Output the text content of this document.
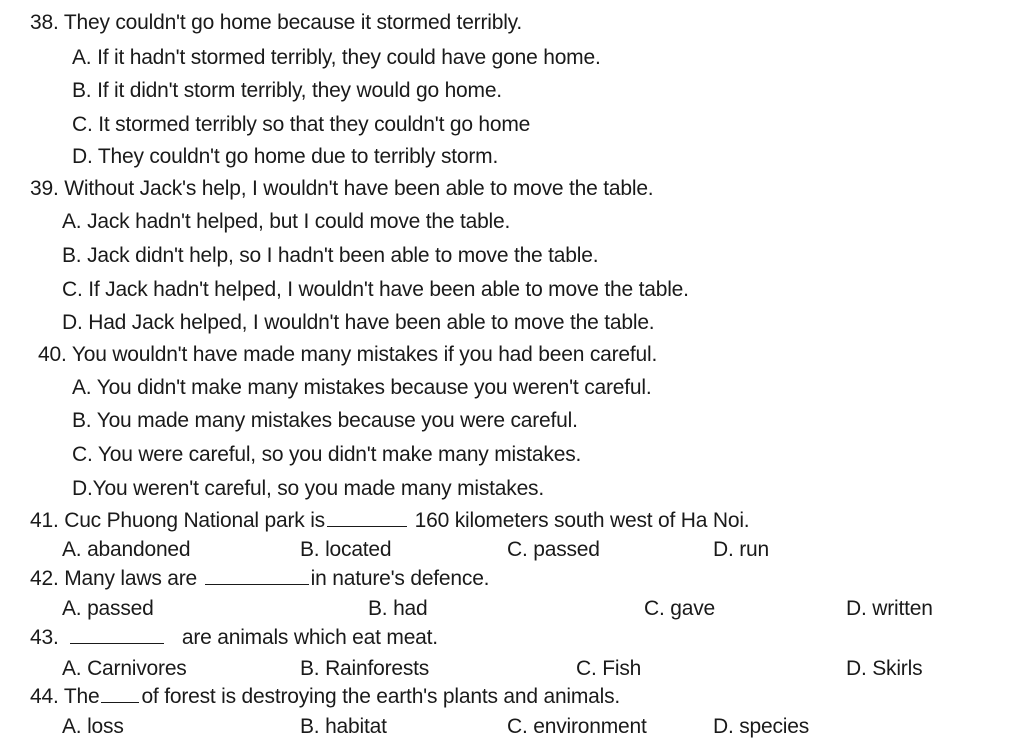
38. They couldn't go home because it stormed terribly.
A. If it hadn't stormed terribly, they could have gone home.
B. If it didn't storm terribly, they would go home.
C. It stormed terribly so that they couldn't go home
D. They couldn't go home due to terribly storm.
39. Without Jack's help, I wouldn't have been able to move the table.
A. Jack hadn't helped, but I could move the table.
B. Jack didn't help, so I hadn't been able to move the table.
C. If Jack hadn't helped, I wouldn't have been able to move the table.
D. Had Jack helped, I wouldn't have been able to move the table.
40. You wouldn't have made many mistakes if you had been careful.
A. You didn't make many mistakes because you weren't careful.
B. You made many mistakes because you were careful.
C. You were careful, so you didn't make many mistakes.
D.You weren't careful, so you made many mistakes.
41. Cuc Phuong National park is	160 kilometers south west of Ha Noi.
A. abandoned	B. located	C. passed	D. run
42. Many laws are	in nature's defence.
A. passed	B. had	C. gave	D. written
43.	are animals which eat meat.
A. Carnivores	B. Rainforests	C. Fish	D. Skirls
44. The of forest is destroying the earth's plants and animals.
A. loss	B. habitat	C. environment	D. species
